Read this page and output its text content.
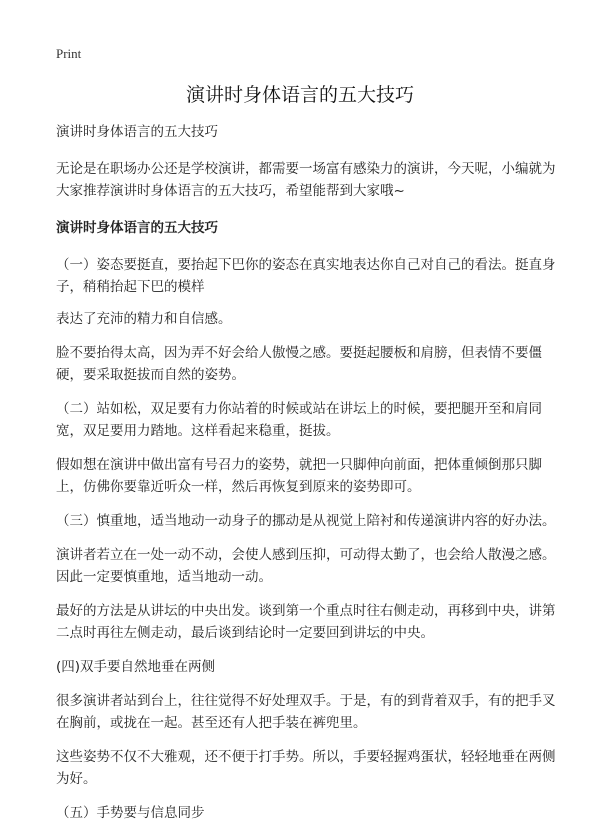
Print
演讲时身体语言的五大技巧

演讲时身体语言的五大技巧

无论是在职场办公还是学校演讲，都需要一场富有感染力的演讲，今天呢，小编就为大家推荐演讲时身体语言的五大技巧，希望能帮到大家哦~

演讲时身体语言的五大技巧

（一）姿态要挺直，要抬起下巴你的姿态在真实地表达你自己对自己的看法。挺直身子，稍稍抬起下巴的模样

表达了充沛的精力和自信感。

脸不要抬得太高，因为弄不好会给人傲慢之感。要挺起腰板和肩膀，但表情不要僵硬，要采取挺拔而自然的姿势。

（二）站如松，双足要有力你站着的时候或站在讲坛上的时候，要把腿开至和肩同宽，双足要用力踏地。这样看起来稳重，挺拔。

假如想在演讲中做出富有号召力的姿势，就把一只脚伸向前面，把体重倾倒那只脚上，仿佛你要靠近听众一样，然后再恢复到原来的姿势即可。

（三）慎重地，适当地动一动身子的挪动是从视觉上陪衬和传递演讲内容的好办法。

演讲者若立在一处一动不动，会使人感到压抑，可动得太勤了，也会给人散漫之感。因此一定要慎重地，适当地动一动。

最好的方法是从讲坛的中央出发。谈到第一个重点时往右侧走动，再移到中央，讲第二点时再往左侧走动，最后谈到结论时一定要回到讲坛的中央。

(四)双手要自然地垂在两侧

很多演讲者站到台上，往往觉得不好处理双手。于是，有的到背着双手，有的把手叉在胸前，或拢在一起。甚至还有人把手装在裤兜里。

这些姿势不仅不大雅观，还不便于打手势。所以，手要轻握鸡蛋状，轻轻地垂在两侧为好。

（五）手势要与信息同步
